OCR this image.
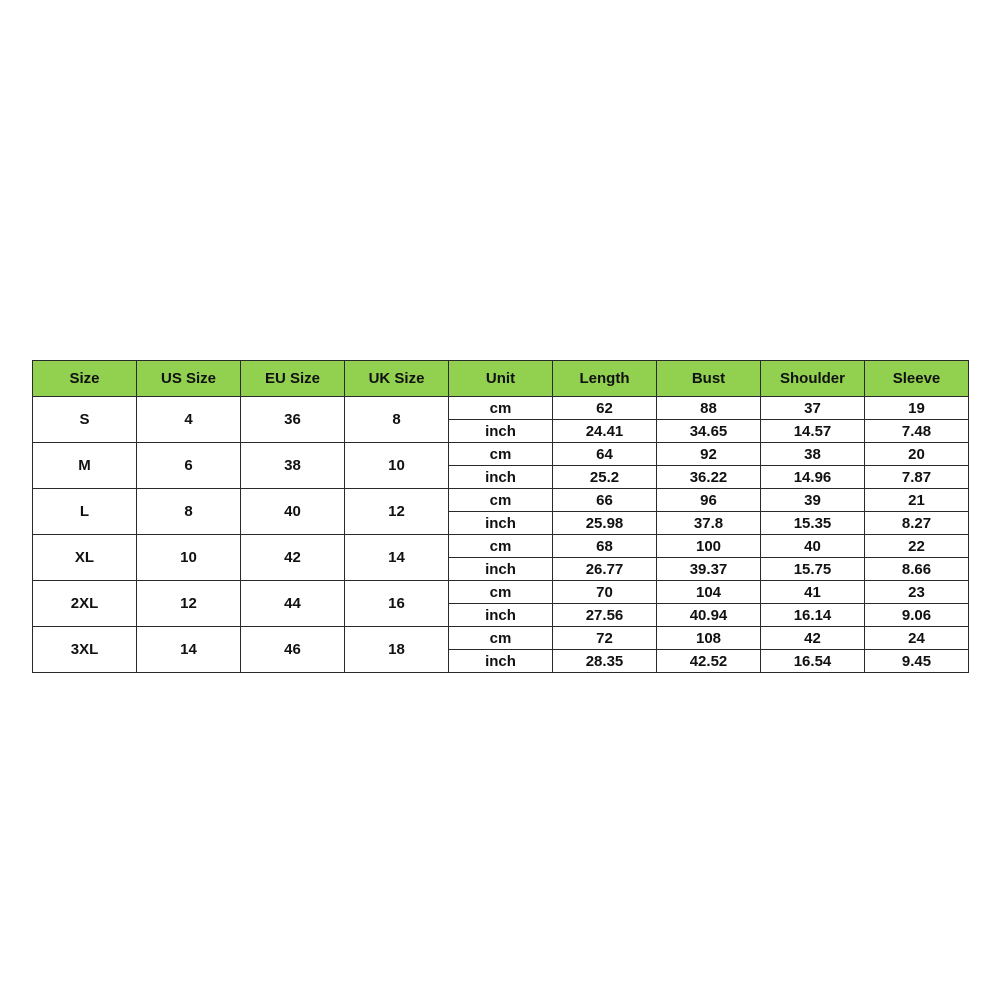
Size	US Size	EU Size	UK Size	Unit	Length	Bust	Shoulder	Sleeve
S	4	36	8	cm	62	88	37	19
				inch	24.41	34.65	14.57	7.48
M	6	38	10	cm	64	92	38	20
				inch	25.2	36.22	14.96	7.87
L	8	40	12	cm	66	96	39	21
				inch	25.98	37.8	15.35	8.27
XL	10	42	14	cm	68	100	40	22
				inch	26.77	39.37	15.75	8.66
2XL	12	44	16	cm	70	104	41	23
				inch	27.56	40.94	16.14	9.06
3XL	14	46	18	cm	72	108	42	24
				inch	28.35	42.52	16.54	9.45
